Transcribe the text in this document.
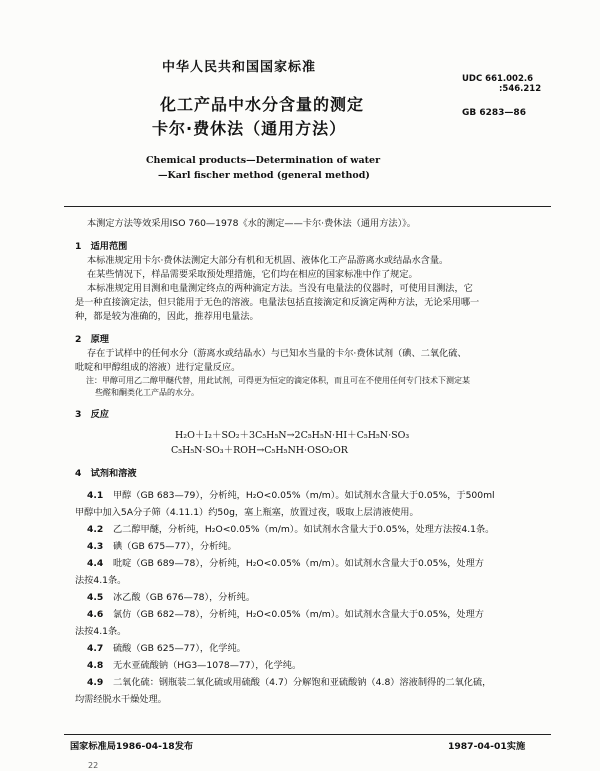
中华人民共和国国家标准
化工产品中水分含量的测定
卡尔·费休法（通用方法）
UDC 661.002.6
:546.212
GB 6283—86
Chemical products—Determination of water
—Karl fischer method (general method)

本测定方法等效采用ISO 760—1978《水的测定——卡尔·费休法（通用方法）》。

1　适用范围

本标准规定用卡尔·费休法测定大部分有机和无机固、液体化工产品游离水或结晶水含量。

在某些情况下，样品需要采取预处理措施，它们均在相应的国家标准中作了规定。

本标准规定用目测和电量测定终点的两种滴定方法。当没有电量法的仪器时，可使用目测法，它

是一种直接滴定法，但只能用于无色的溶液。电量法包括直接滴定和反滴定两种方法，无论采用哪一

种，都是较为准确的，因此，推荐用电量法。

2　原理

存在于试样中的任何水分（游离水或结晶水）与已知水当量的卡尔·费休试剂（碘、二氧化硫、

吡啶和甲醇组成的溶液）进行定量反应。

注：甲醇可用乙二醇甲醚代替，用此试剂，可得更为恒定的滴定体积，而且可在不使用任何专门技术下测定某

些醛和酮类化工产品的水分。

3　反应

H₂O＋I₂＋SO₂＋3C₅H₅N→2C₅H₅N·HI＋C₅H₅N·SO₃

C₅H₅N·SO₃＋ROH→C₅H₅NH·OSO₂OR

4　试剂和溶液

4.1 甲醇（GB 683—79），分析纯，H₂O<0.05%（m/m）。如试剂水含量大于0.05%，于500ml

甲醇中加入5A分子筛（4.11.1）约50g，塞上瓶塞，放置过夜，吸取上层清液使用。

4.2 乙二醇甲醚，分析纯，H₂O<0.05%（m/m）。如试剂水含量大于0.05%，处理方法按4.1条。

4.3 碘（GB 675—77），分析纯。

4.4 吡啶（GB 689—78），分析纯，H₂O<0.05%（m/m）。如试剂水含量大于0.05%，处理方

法按4.1条。

4.5 冰乙酸（GB 676—78），分析纯。

4.6 氯仿（GB 682—78），分析纯，H₂O<0.05%（m/m）。如试剂水含量大于0.05%，处理方

法按4.1条。

4.7 硫酸（GB 625—77），化学纯。

4.8 无水亚硫酸钠（HG3—1078—77），化学纯。

4.9 二氧化硫：钢瓶装二氧化硫或用硫酸（4.7）分解饱和亚硫酸钠（4.8）溶液制得的二氧化硫，

均需经脱水干燥处理。

国家标准局1986-04-18发布	1987-04-01实施
22
